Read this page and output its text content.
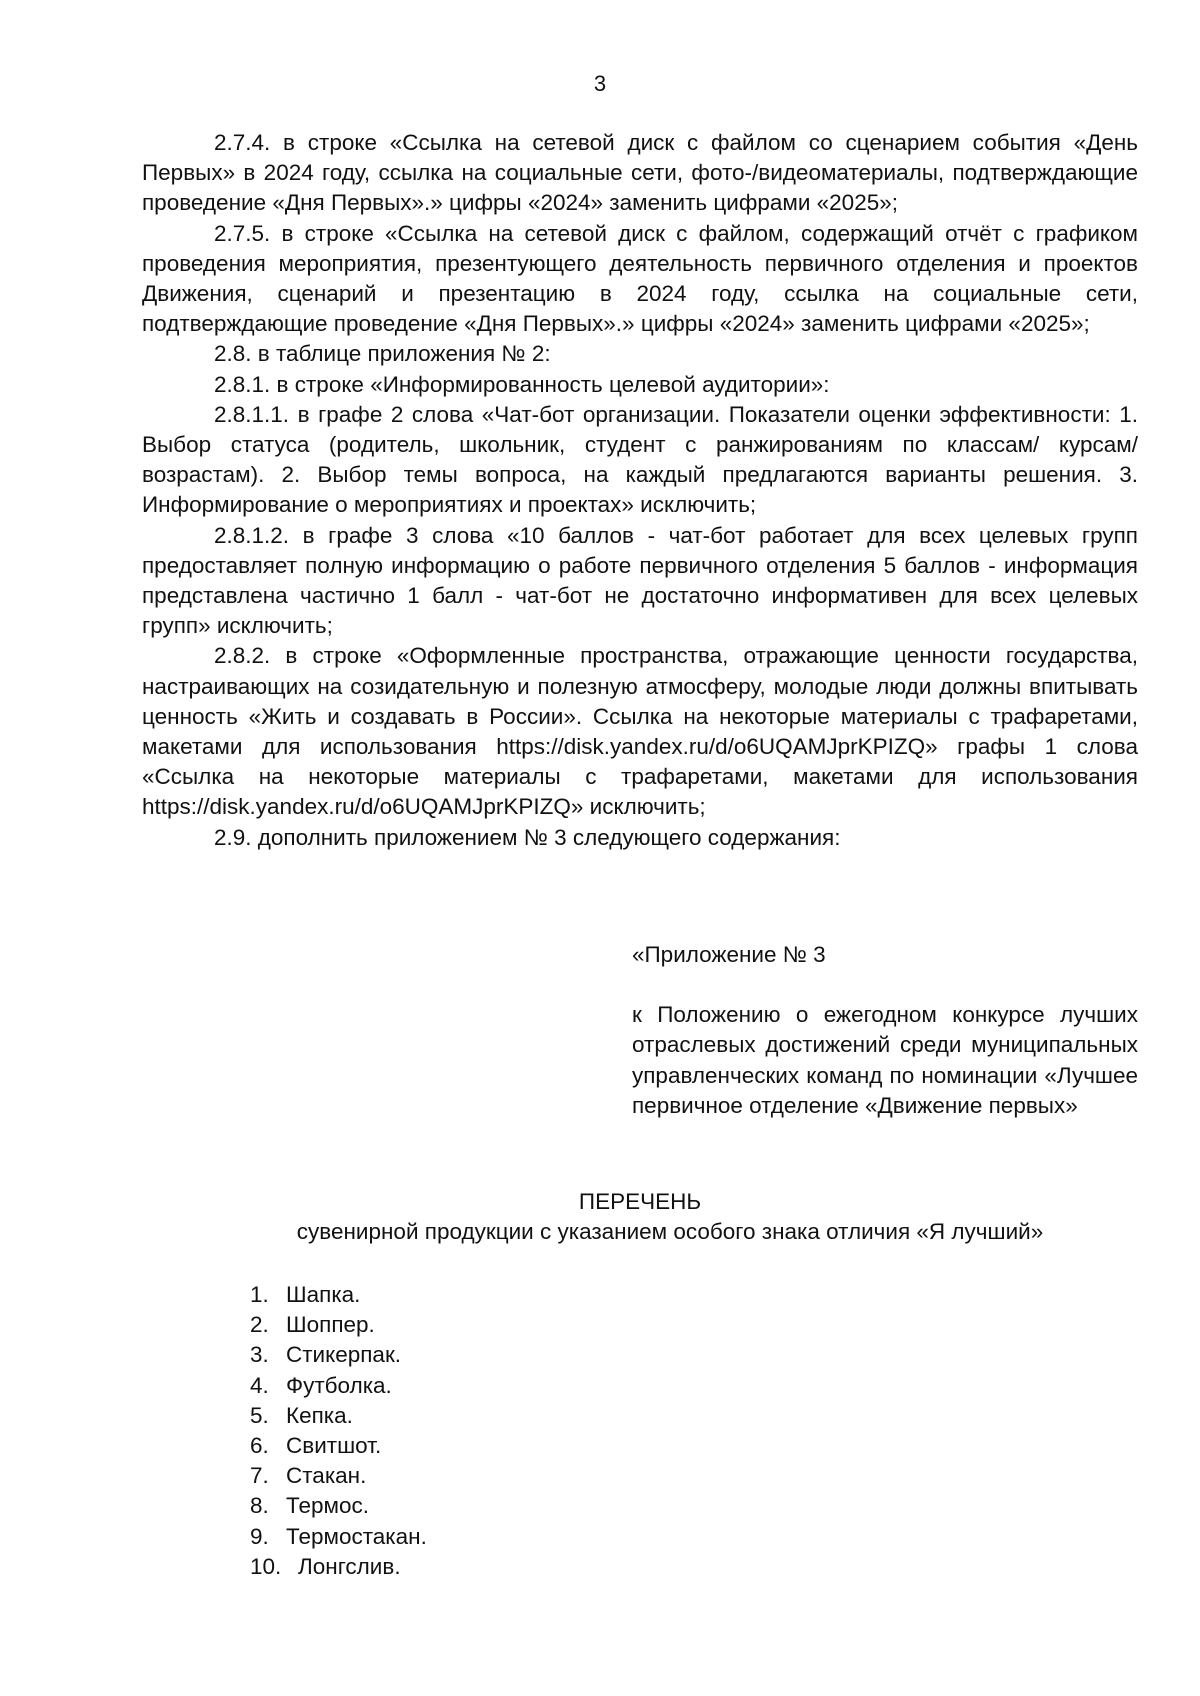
3

2.7.4. в строке «Ссылка на сетевой диск с файлом со сценарием события «День Первых» в 2024 году, ссылка на социальные сети, фото-/видеоматериалы, подтверждающие проведение «Дня Первых».» цифры «2024» заменить цифрами «2025»;

2.7.5. в строке «Ссылка на сетевой диск с файлом, содержащий отчёт с графиком проведения мероприятия, презентующего деятельность первичного отделения и проектов Движения, сценарий и презентацию в 2024 году, ссылка на социальные сети, подтверждающие проведение «Дня Первых».» цифры «2024» заменить цифрами «2025»;

2.8. в таблице приложения № 2:

2.8.1. в строке «Информированность целевой аудитории»:

2.8.1.1. в графе 2 слова «Чат-бот организации. Показатели оценки эффективности: 1. Выбор статуса (родитель, школьник, студент с ранжированиям по классам/ курсам/ возрастам). 2. Выбор темы вопроса, на каждый предлагаются варианты решения. 3. Информирование о мероприятиях и проектах» исключить;

2.8.1.2. в графе 3 слова «10 баллов - чат-бот работает для всех целевых групп предоставляет полную информацию о работе первичного отделения 5 баллов - информация представлена частично 1 балл - чат-бот не достаточно информативен для всех целевых групп» исключить;

2.8.2. в строке «Оформленные пространства, отражающие ценности государства, настраивающих на созидательную и полезную атмосферу, молодые люди должны впитывать ценность «Жить и создавать в России». Ссылка на некоторые материалы с трафаретами, макетами для использования https://disk.yandex.ru/d/o6UQAMJprKPIZQ» графы 1 слова «Ссылка на некоторые материалы с трафаретами, макетами для использования https://disk.yandex.ru/d/o6UQAMJprKPIZQ» исключить;

2.9. дополнить приложением № 3 следующего содержания:

«Приложение № 3

к Положению о ежегодном конкурсе лучших отраслевых достижений среди муниципальных управленческих команд по номинации «Лучшее первичное отделение «Движение первых»

ПЕРЕЧЕНЬ
сувенирной продукции с указанием особого знака отличия «Я лучший»
1. Шапка.
2. Шоппер.
3. Стикерпак.
4. Футболка.
5. Кепка.
6. Свитшот.
7. Стакан.
8. Термос.
9. Термостакан.
10. Лонгслив.
